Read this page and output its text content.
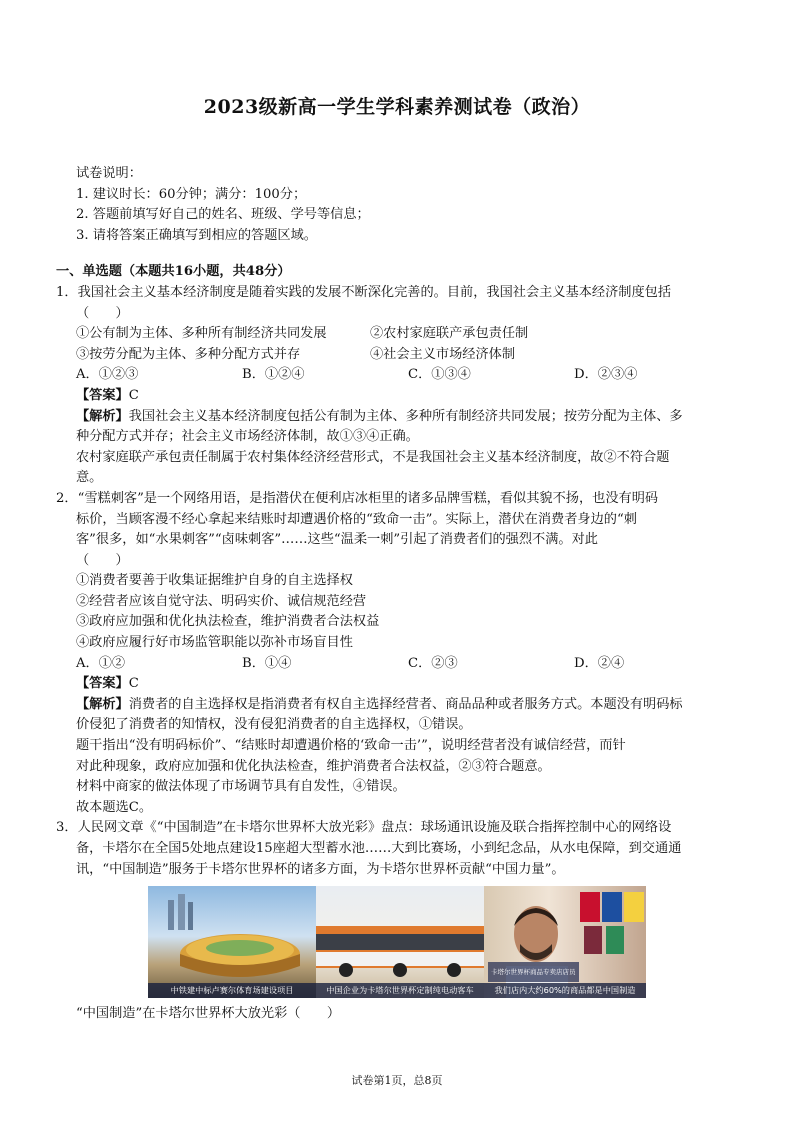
2023级新高一学生学科素养测试卷（政治）
试卷说明：
1. 建议时长：60分钟；满分：100分；
2. 答题前填写好自己的姓名、班级、学号等信息；
3. 请将答案正确填写到相应的答题区域。
一、单选题（本题共16小题，共48分）
1．我国社会主义基本经济制度是随着实践的发展不断深化完善的。目前，我国社会主义基本经济制度包括
（　　）
①公有制为主体、多种所有制经济共同发展	②农村家庭联产承包责任制
③按劳分配为主体、多种分配方式并存	④社会主义市场经济体制
A．①②③	B．①②④	C．①③④	D．②③④
【答案】C
【解析】我国社会主义基本经济制度包括公有制为主体、多种所有制经济共同发展；按劳分配为主体、多
种分配方式并存；社会主义市场经济体制，故①③④正确。
农村家庭联产承包责任制属于农村集体经济经营形式，不是我国社会主义基本经济制度，故②不符合题
意。
2．“雪糕刺客”是一个网络用语，是指潜伏在便利店冰柜里的诸多品牌雪糕，看似其貌不扬，也没有明码
标价，当顾客漫不经心拿起来结账时却遭遇价格的“致命一击”。实际上，潜伏在消费者身边的“刺
客”很多，如“水果刺客”“卤味刺客”……这些“温柔一刺”引起了消费者们的强烈不满。对此
（　　）
①消费者要善于收集证据维护自身的自主选择权
②经营者应该自觉守法、明码实价、诚信规范经营
③政府应加强和优化执法检查，维护消费者合法权益
④政府应履行好市场监管职能以弥补市场盲目性
A．①②	B．①④	C．②③	D．②④
【答案】C
【解析】消费者的自主选择权是指消费者有权自主选择经营者、商品品种或者服务方式。本题没有明码标
价侵犯了消费者的知情权，没有侵犯消费者的自主选择权，①错误。
题干指出“没有明码标价”、“结账时却遭遇价格的‘致命一击’”，说明经营者没有诚信经营，而针
对此种现象，政府应加强和优化执法检查，维护消费者合法权益，②③符合题意。
材料中商家的做法体现了市场调节具有自发性，④错误。
故本题选C。
3．人民网文章《“中国制造”在卡塔尔世界杯大放光彩》盘点：球场通讯设施及联合指挥控制中心的网络设
备，卡塔尔在全国5处地点建设15座超大型蓄水池……大到比赛场，小到纪念品，从水电保障，到交通通
讯，“中国制造”服务于卡塔尔世界杯的诸多方面，为卡塔尔世界杯贡献“中国力量”。
中铁建中标卢赛尔体育场建设项目	中国企业为卡塔尔世界杯定制纯电动客车
卡塔尔世界杯商品专卖店店员
我们店内大约60%的商品都是中国制造
“中国制造”在卡塔尔世界杯大放光彩（　　）
试卷第1页，总8页
